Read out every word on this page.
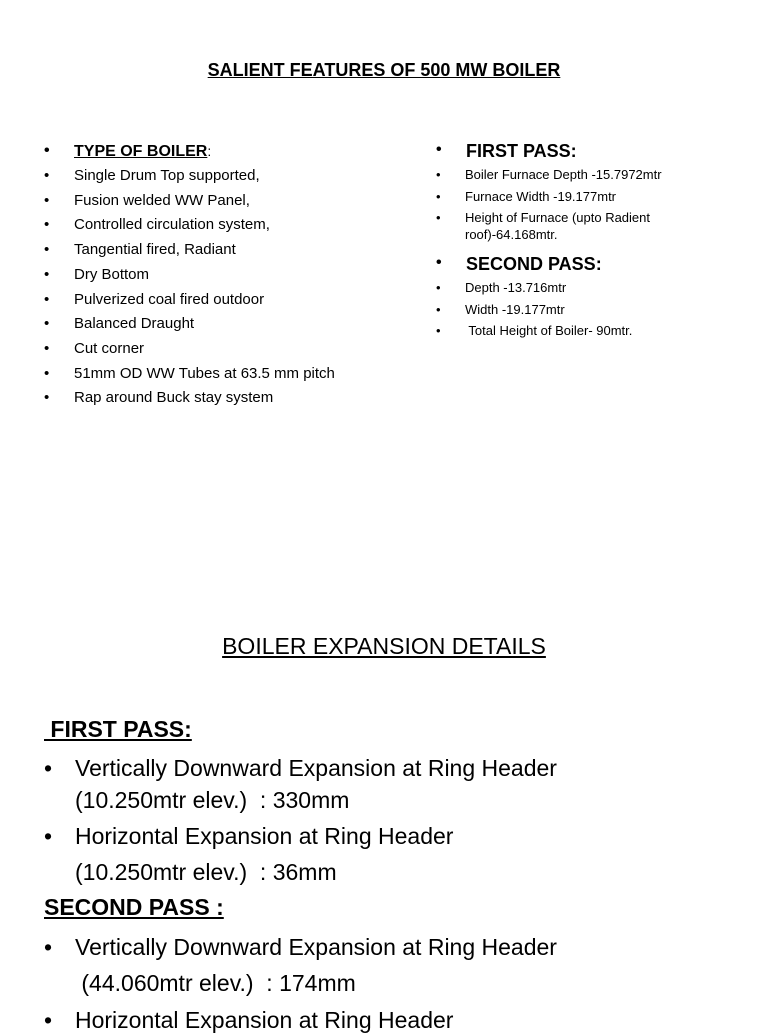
SALIENT FEATURES OF 500 MW BOILER
• TYPE OF BOILER:
• Single Drum Top supported,
• Fusion welded WW Panel,
• Controlled circulation system,
• Tangential fired, Radiant
• Dry Bottom
• Pulverized coal fired outdoor
• Balanced Draught
• Cut corner
• 51mm OD WW Tubes at 63.5 mm pitch
• Rap around Buck stay system
• FIRST PASS:
• Boiler Furnace Depth -15.7972mtr
• Furnace Width -19.177mtr
• Height of Furnace (upto Radient roof)-64.168mtr.
• SECOND PASS:
• Depth -13.716mtr
• Width -19.177mtr
• Total Height of Boiler- 90mtr.
BOILER EXPANSION DETAILS
FIRST PASS:
• Vertically Downward Expansion at Ring Header
(10.250mtr elev.)  : 330mm
• Horizontal Expansion at Ring Header
(10.250mtr elev.)  : 36mm
SECOND PASS :
• Vertically Downward Expansion at Ring Header
(44.060mtr elev.)  : 174mm
• Horizontal Expansion at Ring Header
